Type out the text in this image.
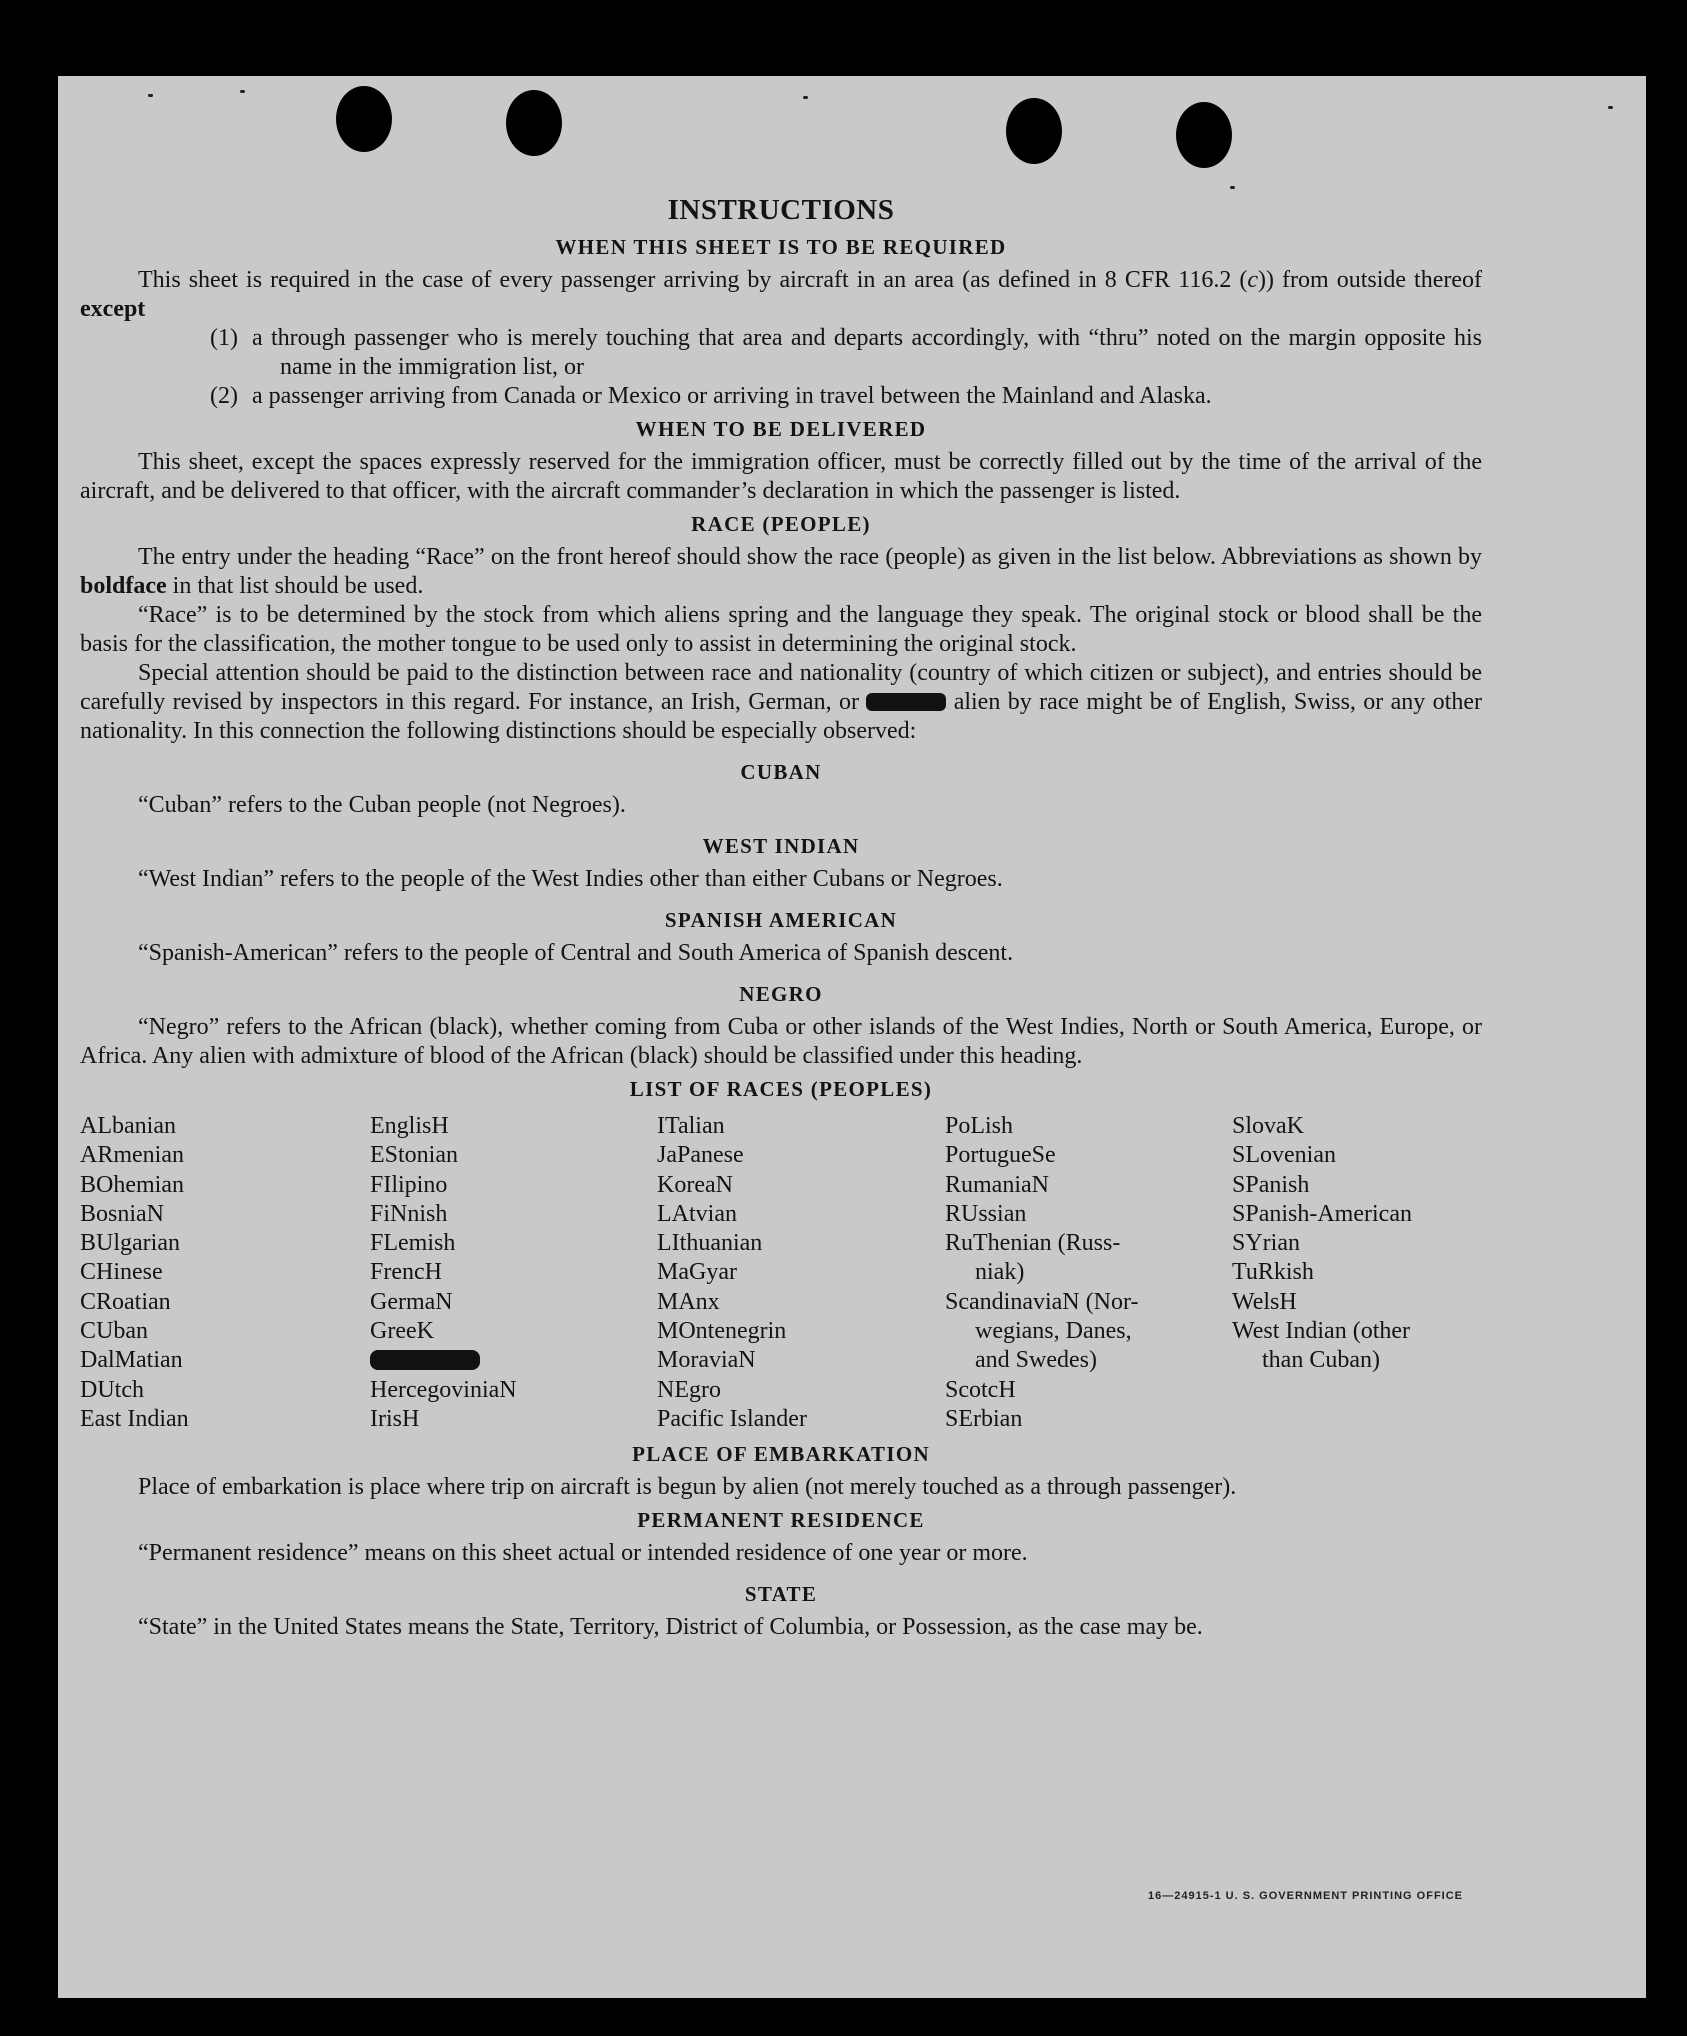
INSTRUCTIONS
WHEN THIS SHEET IS TO BE REQUIRED

This sheet is required in the case of every passenger arriving by aircraft in an area (as defined in 8 CFR 116.2 (c)) from outside thereof except

(1) a through passenger who is merely touching that area and departs accordingly, with “thru” noted on the margin opposite his name in the immigration list, or
(2) a passenger arriving from Canada or Mexico or arriving in travel between the Mainland and Alaska.
WHEN TO BE DELIVERED

This sheet, except the spaces expressly reserved for the immigration officer, must be correctly filled out by the time of the arrival of the aircraft, and be delivered to that officer, with the aircraft commander’s declaration in which the passenger is listed.

RACE (PEOPLE)

The entry under the heading “Race” on the front hereof should show the race (people) as given in the list below. Abbreviations as shown by boldface in that list should be used.

“Race” is to be determined by the stock from which aliens spring and the language they speak. The original stock or blood shall be the basis for the classification, the mother tongue to be used only to assist in determining the original stock.

Special attention should be paid to the distinction between race and nationality (country of which citizen or subject), and entries should be carefully revised by inspectors in this regard. For instance, an Irish, German, or	alien by race might be of English, Swiss, or any other nationality. In this connection the following distinctions should be especially observed:

CUBAN

“Cuban” refers to the Cuban people (not Negroes).

WEST INDIAN

“West Indian” refers to the people of the West Indies other than either Cubans or Negroes.

SPANISH AMERICAN

“Spanish-American” refers to the people of Central and South America of Spanish descent.

NEGRO

“Negro” refers to the African (black), whether coming from Cuba or other islands of the West Indies, North or South America, Europe, or Africa. Any alien with admixture of blood of the African (black) should be classified under this heading.

LIST OF RACES (PEOPLES)
ALbanian
ARmenian
BOhemian
BosniaN
BUlgarian
CHinese
CRoatian
CUban
DalMatian
DUtch
East Indian
EnglisH
EStonian
FIlipino
FiNnish
FLemish
FrencH
GermaN
GreeK
HercegoviniaN
IrisH
ITalian
JaPanese
KoreaN
LAtvian
LIthuanian
MaGyar
MAnx
MOntenegrin
MoraviaN
NEgro
Pacific Islander
PoLish
PortugueSe
RumaniaN
RUssian
RuThenian (Russ-
niak)
ScandinaviaN (Nor-
wegians, Danes,
and Swedes)
ScotcH
SErbian
SlovaK
SLovenian
SPanish
SPanish-American
SYrian
TuRkish
WelsH
West Indian (other
than Cuban)
PLACE OF EMBARKATION

Place of embarkation is place where trip on aircraft is begun by alien (not merely touched as a through passenger).

PERMANENT RESIDENCE

“Permanent residence” means on this sheet actual or intended residence of one year or more.

STATE

“State” in the United States means the State, Territory, District of Columbia, or Possession, as the case may be.

16—24915-1 U. S. GOVERNMENT PRINTING OFFICE
